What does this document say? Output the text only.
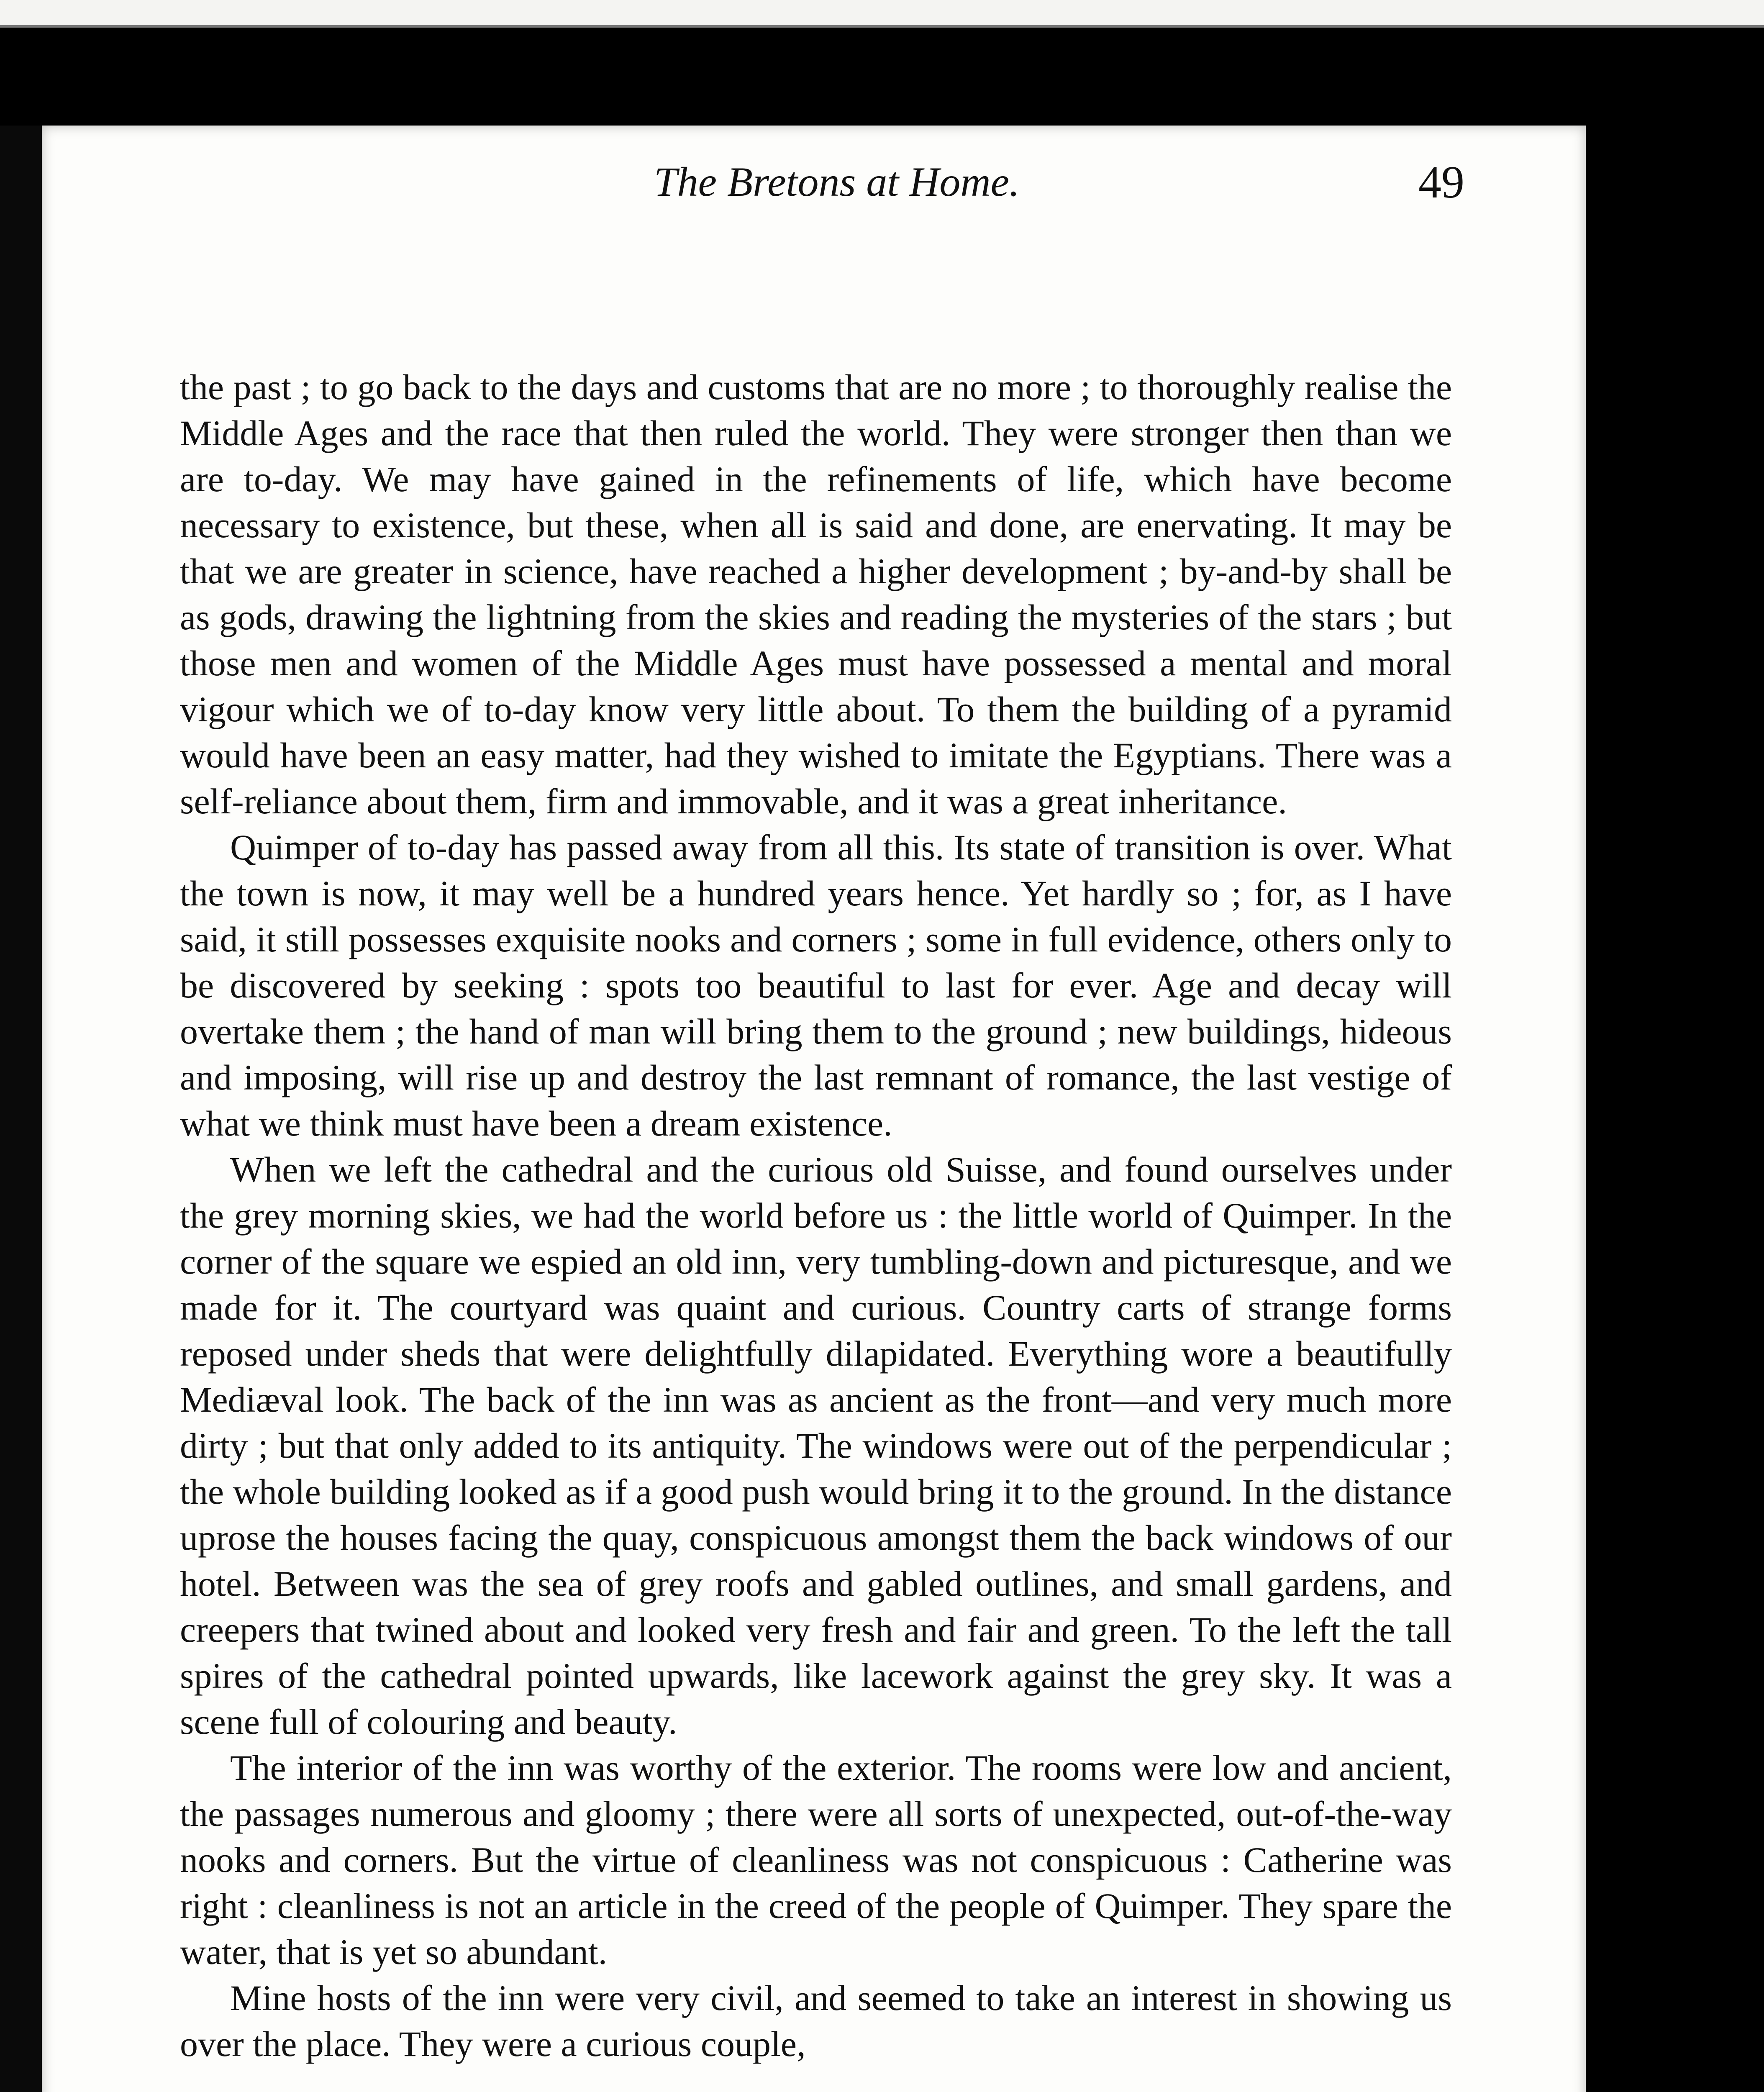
The Bretons at Home.	49

the past ; to go back to the days and customs that are no more ; to thoroughly realise the Middle Ages and the race that then ruled the world. They were stronger then than we are to-day. We may have gained in the refinements of life, which have become necessary to existence, but these, when all is said and done, are enervating. It may be that we are greater in science, have reached a higher development ; by-and-by shall be as gods, drawing the lightning from the skies and reading the mysteries of the stars ; but those men and women of the Middle Ages must have possessed a mental and moral vigour which we of to-day know very little about. To them the building of a pyramid would have been an easy matter, had they wished to imitate the Egyptians. There was a self-reliance about them, firm and immovable, and it was a great inheritance.

Quimper of to-day has passed away from all this. Its state of transition is over. What the town is now, it may well be a hundred years hence. Yet hardly so ; for, as I have said, it still possesses exquisite nooks and corners ; some in full evidence, others only to be discovered by seeking : spots too beautiful to last for ever. Age and decay will overtake them ; the hand of man will bring them to the ground ; new buildings, hideous and imposing, will rise up and destroy the last remnant of romance, the last vestige of what we think must have been a dream existence.

When we left the cathedral and the curious old Suisse, and found ourselves under the grey morning skies, we had the world before us : the little world of Quimper. In the corner of the square we espied an old inn, very tumbling-down and picturesque, and we made for it. The courtyard was quaint and curious. Country carts of strange forms reposed under sheds that were delightfully dilapidated. Everything wore a beautifully Mediæval look. The back of the inn was as ancient as the front—and very much more dirty ; but that only added to its antiquity. The windows were out of the perpendicular ; the whole building looked as if a good push would bring it to the ground. In the distance uprose the houses facing the quay, conspicuous amongst them the back windows of our hotel. Between was the sea of grey roofs and gabled outlines, and small gardens, and creepers that twined about and looked very fresh and fair and green. To the left the tall spires of the cathedral pointed upwards, like lacework against the grey sky. It was a scene full of colouring and beauty.

The interior of the inn was worthy of the exterior. The rooms were low and ancient, the passages numerous and gloomy ; there were all sorts of unexpected, out-of-the-way nooks and corners. But the virtue of cleanliness was not conspicuous : Catherine was right : cleanliness is not an article in the creed of the people of Quimper. They spare the water, that is yet so abundant.

Mine hosts of the inn were very civil, and seemed to take an interest in showing us over the place. They were a curious couple,
